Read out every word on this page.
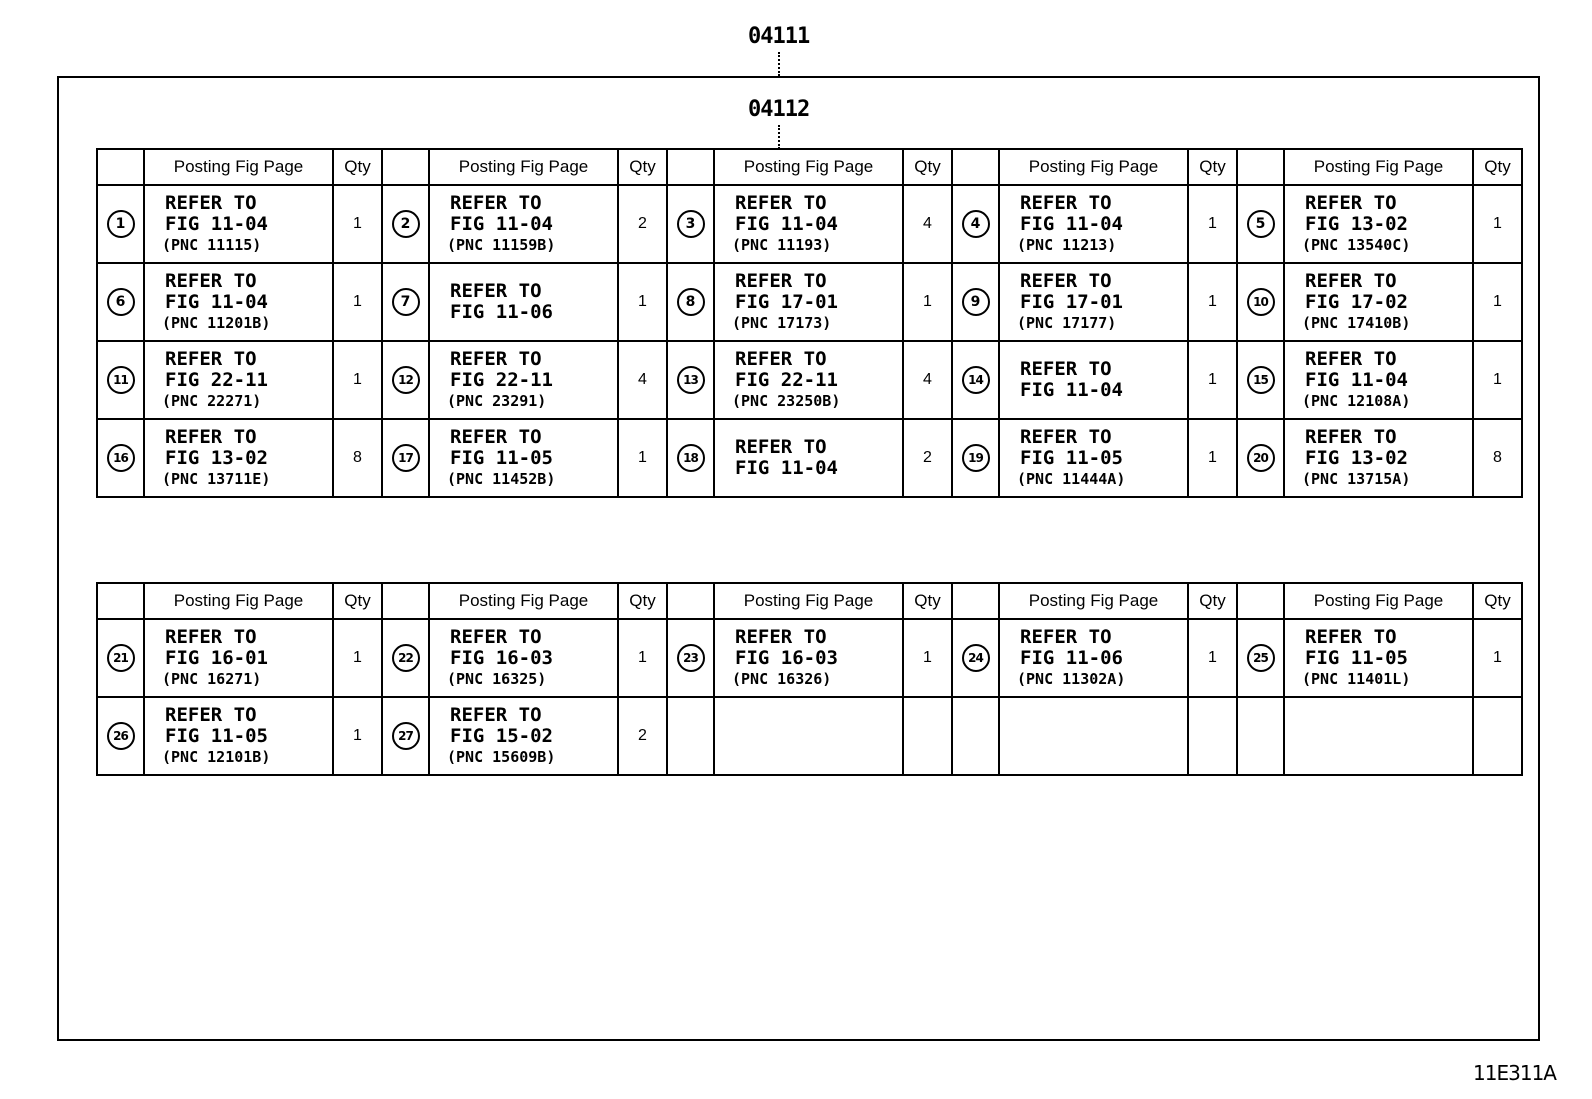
04111
04112
	Posting Fig Page	Qty		Posting Fig Page	Qty		Posting Fig Page	Qty		Posting Fig Page	Qty		Posting Fig Page	Qty
1	REFER TO
FIG 11-04
(PNC 11115)	1	2	REFER TO
FIG 11-04
(PNC 11159B)	2	3	REFER TO
FIG 11-04
(PNC 11193)	4	4	REFER TO
FIG 11-04
(PNC 11213)	1	5	REFER TO
FIG 13-02
(PNC 13540C)	1
6	REFER TO
FIG 11-04
(PNC 11201B)	1	7	REFER TO
FIG 11-06	1	8	REFER TO
FIG 17-01
(PNC 17173)	1	9	REFER TO
FIG 17-01
(PNC 17177)	1	10	REFER TO
FIG 17-02
(PNC 17410B)	1
11	REFER TO
FIG 22-11
(PNC 22271)	1	12	REFER TO
FIG 22-11
(PNC 23291)	4	13	REFER TO
FIG 22-11
(PNC 23250B)	4	14	REFER TO
FIG 11-04	1	15	REFER TO
FIG 11-04
(PNC 12108A)	1
16	REFER TO
FIG 13-02
(PNC 13711E)	8	17	REFER TO
FIG 11-05
(PNC 11452B)	1	18	REFER TO
FIG 11-04	2	19	REFER TO
FIG 11-05
(PNC 11444A)	1	20	REFER TO
FIG 13-02
(PNC 13715A)	8
	Posting Fig Page	Qty		Posting Fig Page	Qty		Posting Fig Page	Qty		Posting Fig Page	Qty		Posting Fig Page	Qty
21	REFER TO
FIG 16-01
(PNC 16271)	1	22	REFER TO
FIG 16-03
(PNC 16325)	1	23	REFER TO
FIG 16-03
(PNC 16326)	1	24	REFER TO
FIG 11-06
(PNC 11302A)	1	25	REFER TO
FIG 11-05
(PNC 11401L)	1
26	REFER TO
FIG 11-05
(PNC 12101B)	1	27	REFER TO
FIG 15-02
(PNC 15609B)	2									
11E311A
